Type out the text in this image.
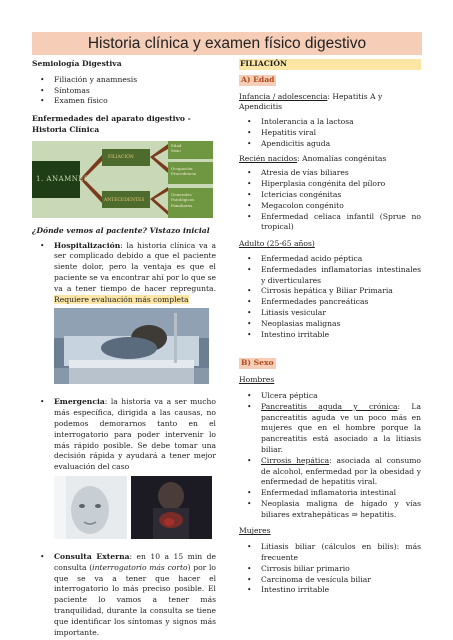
Historia clínica y examen físico digestivo
Semiología Digestiva
• Filiación y anamnesis
• Síntomas
• Examen físico
Enfermedades del aparato digestivo - Historia Clínica
1. ANAMNESIS
FILIACIÓN
ANTECEDENTES
Edad
Sexo
Ocupación
Procedencia
Generales
Patológicos
Familiares
¿Dónde vemos al paciente? Vistazo inicial
• Hospitalización: la historia clínica va a ser complicado debido a que el paciente siente dolor, pero la ventaja es que el paciente se va encontrar ahí por lo que se va a tener tiempo de hacer repregunta. Requiere evaluación más completa
• Emergencia: la historia va a ser mucho más específica, dirigida a las causas, no podemos demorarnos tanto en el interrogatorio para poder intervenir lo más rápido posible. Se debe tomar una decisión rápida y ayudará a tener mejor evaluación del caso
• Consulta Externa: en 10 a 15 min de consulta (interrogatorio más corto) por lo que se va a tener que hacer el interrogatorio lo más preciso posible. El paciente lo vamos a tener más tranquilidad, durante la consulta se tiene que identificar los síntomas y signos más importante.
FILIACIÓN
A) Edad
Infancia / adolescencia: Hepatitis A y Apendicitis
• Intolerancia a la lactosa
• Hepatitis viral
• Apendicitis aguda
Recién nacidos: Anomalías congénitas
• Atresia de vías biliares
• Hiperplasia congénita del píloro
• Ictericias congénitas
• Megacolon congénito
• Enfermedad celiaca infantil (Sprue no tropical)
Adulto (25-65 años)
• Enfermedad acido péptica
• Enfermedades inflamatorias intestinales y diverticulares
• Cirrosis hepática y Biliar Primaria
• Enfermedades pancreáticas
• Litiasis vesicular
• Neoplasias malignas
• Intestino irritable
B) Sexo
Hombres
• Ulcera péptica
• Pancreatitis aguda y crónica: La pancreatitis aguda ve un poco más en mujeres que en el hombre porque la pancreatitis está asociado a la litiasis biliar.
• Cirrosis hepática: asociada al consumo de alcohol, enfermedad por la obesidad y enfermedad de hepatitis viral.
• Enfermedad inflamatoria intestinal
• Neoplasia maligna de hígado y vías biliares extrahepáticas ⇒ hepatitis.
Mujeres
• Litiasis biliar (cálculos en bilis): más frecuente
• Cirrosis biliar primario
• Carcinoma de vesícula biliar
• Intestino irritable
